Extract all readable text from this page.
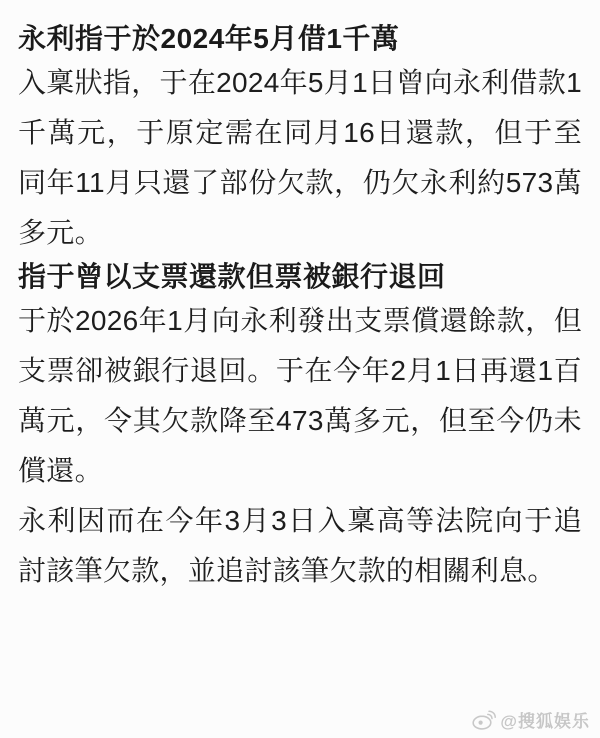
永利指于於2024年5月借1千萬

入稟狀指，于在2024年5月1日曾向永利借款1千萬元，于原定需在同月16日還款，但于至同年11月只還了部份欠款，仍欠永利約573萬多元。

指于曾以支票還款但票被銀行退回

于於2026年1月向永利發出支票償還餘款，但支票卻被銀行退回。于在今年2月1日再還1百萬元，令其欠款降至473萬多元，但至今仍未償還。

永利因而在今年3月3日入稟高等法院向于追討該筆欠款，並追討該筆欠款的相關利息。

@搜狐娱乐
